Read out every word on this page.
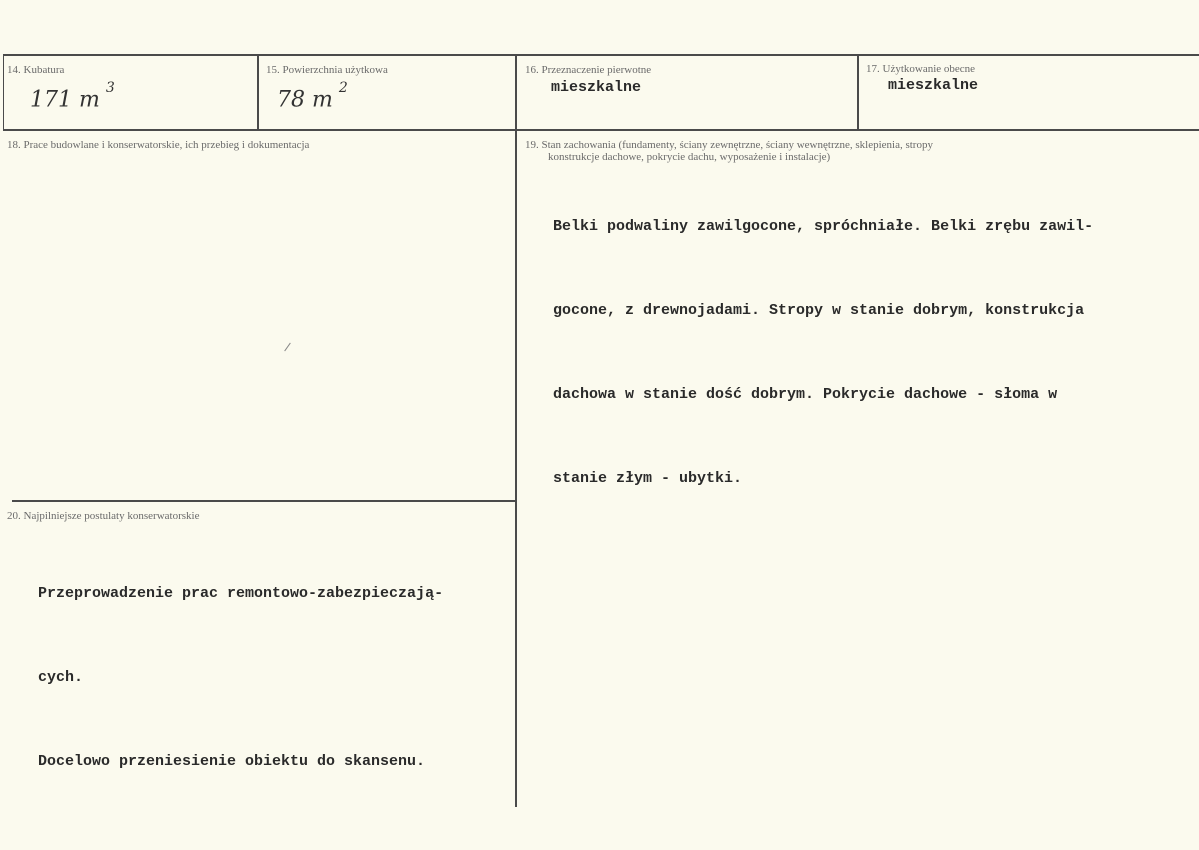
14. Kubatura
171 m $^3$
15. Powierzchnia użytkowa
78 m $^2$
16. Przeznaczenie pierwotne
mieszkalne
17. Użytkowanie obecne
mieszkalne
18. Prace budowlane i konserwatorskie, ich przebieg i dokumentacja	19. Stan zachowania (fundamenty, ściany zewnętrzne, ściany wewnętrzne, sklepienia, stropy
konstrukcje dachowe, pokrycie dachu, wyposażenie i instalacje)

Belki podwaliny zawilgocone, spróchniałe. Belki zrębu zawil-

gocone, z drewnojadami. Stropy w stanie dobrym, konstrukcja

dachowa w stanie dość dobrym. Pokrycie dachowe - słoma w

stanie złym - ubytki.

20. Najpilniejsze postulaty konserwatorskie

Przeprowadzenie prac remontowo-zabezpieczają-

cych.

Docelowo przeniesienie obiektu do skansenu.
